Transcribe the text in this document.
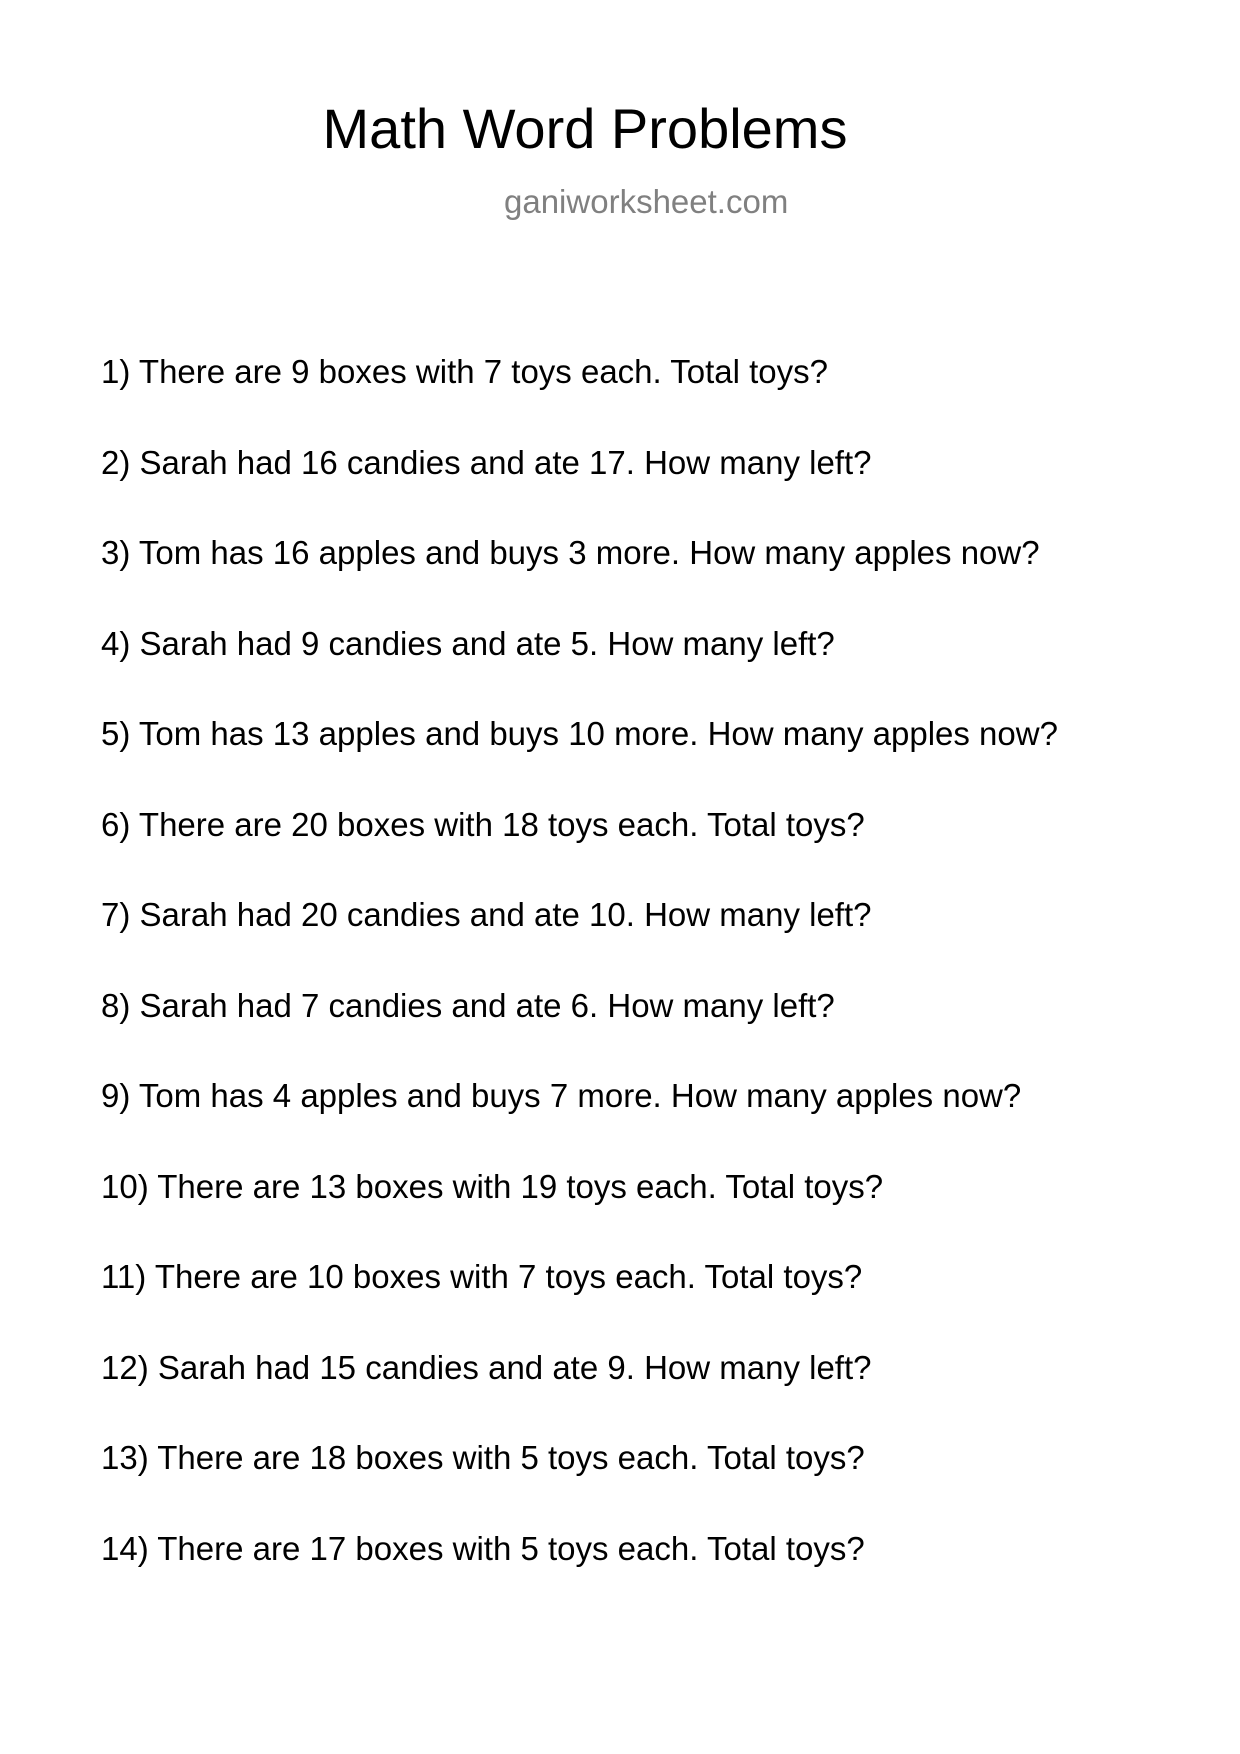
Math Word Problems
ganiworksheet.com
1) There are 9 boxes with 7 toys each. Total toys?
2) Sarah had 16 candies and ate 17. How many left?
3) Tom has 16 apples and buys 3 more. How many apples now?
4) Sarah had 9 candies and ate 5. How many left?
5) Tom has 13 apples and buys 10 more. How many apples now?
6) There are 20 boxes with 18 toys each. Total toys?
7) Sarah had 20 candies and ate 10. How many left?
8) Sarah had 7 candies and ate 6. How many left?
9) Tom has 4 apples and buys 7 more. How many apples now?
10) There are 13 boxes with 19 toys each. Total toys?
11) There are 10 boxes with 7 toys each. Total toys?
12) Sarah had 15 candies and ate 9. How many left?
13) There are 18 boxes with 5 toys each. Total toys?
14) There are 17 boxes with 5 toys each. Total toys?
